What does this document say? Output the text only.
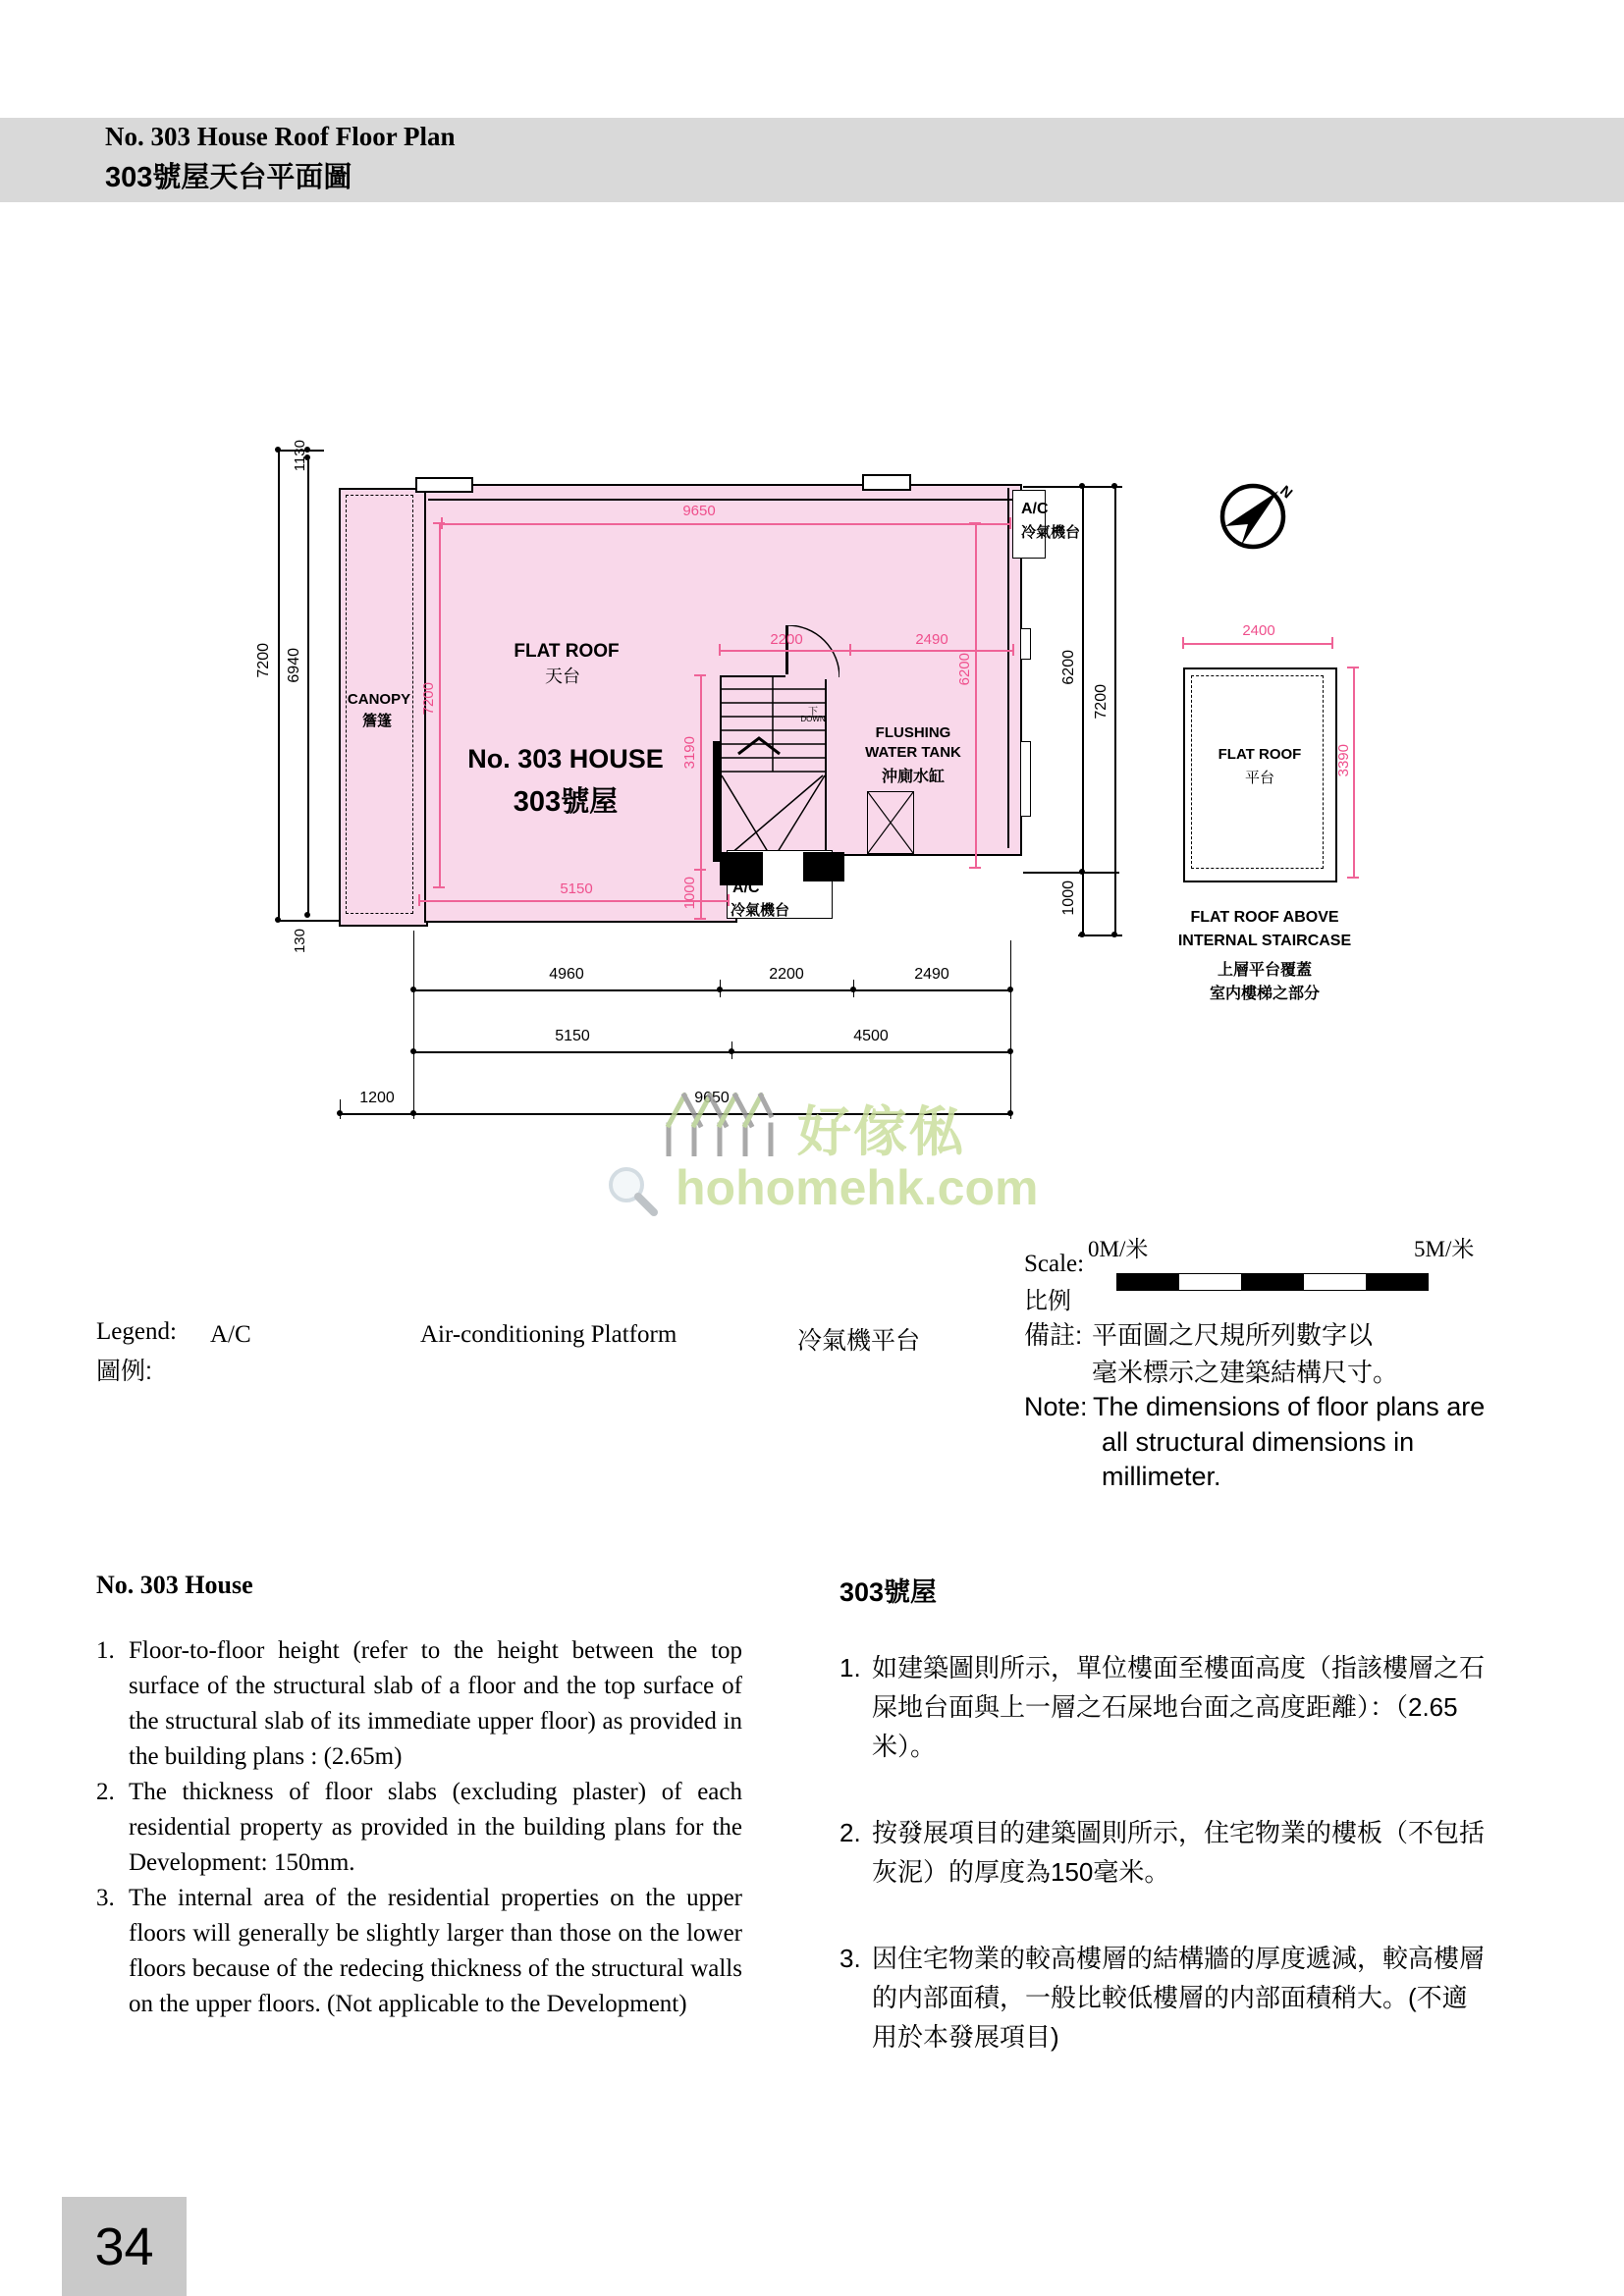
No. 303 House Roof Floor Plan
303號屋天台平面圖
A/C
冷氣機台
FLUSHING
WATER TANK
沖廁水缸
A/C
冷氣機台
FLAT ROOF
天台
No. 303 HOUSE
303號屋
CANOPY
簷篷
下
DOWN
9650
7200
2200	2490
6200
3190
5150	1000
7200 6940
1130
130
6200
7200
1000
4960	2200	2490
5150	4500
1200	9650
N
FLAT ROOF
平台
2400
3390
FLAT ROOF ABOVE
INTERNAL STAIRCASE
上層平台覆蓋
室内樓梯之部分
好傢俬
hohomehk.com
Scale:
比例
0M/米	5M/米
Legend:
圖例:
A/C	Air-conditioning Platform	冷氣機平台	備註: 平面圖之尺規所列數字以
毫米標示之建築結構尺寸。
Note: The dimensions of floor plans are
all structural dimensions in
millimeter.
No. 303 House
1. Floor-to-floor height (refer to the height between the top surface of the structural slab of a floor and the top surface of the structural slab of its immediate upper floor) as provided in the building plans : (2.65m)
2. The thickness of floor slabs (excluding plaster) of each residential property as provided in the building plans for the Development: 150mm.
3. The internal area of the residential properties on the upper floors will generally be slightly larger than those on the lower floors because of the redecing thickness of the structural walls on the upper floors. (Not applicable to the Development)
303號屋
1. 如建築圖則所示，單位樓面至樓面高度（指該樓層之石屎地台面與上一層之石屎地台面之高度距離）：（2.65米）。
2. 按發展項目的建築圖則所示，住宅物業的樓板（不包括灰泥）的厚度為150毫米。
3. 因住宅物業的較高樓層的結構牆的厚度遞減，較高樓層的内部面積，一般比較低樓層的内部面積稍大。(不適用於本發展項目)
34
